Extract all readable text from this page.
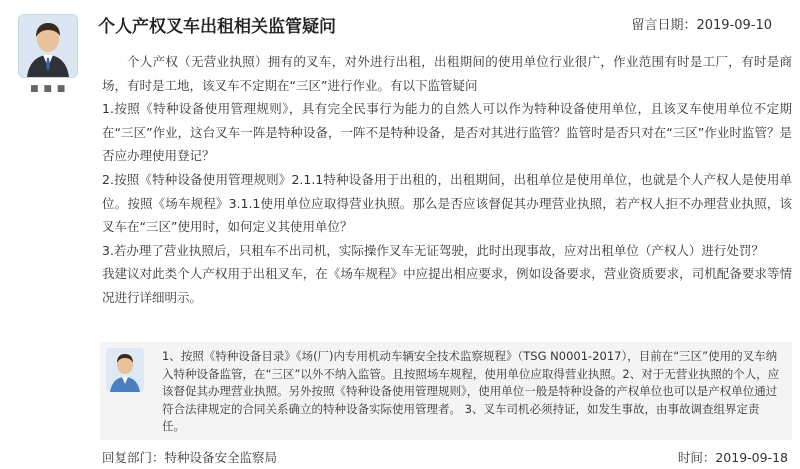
■ ■ ■
个人产权叉车出租相关监管疑问	留言日期：2019-09-10

个人产权（无营业执照）拥有的叉车，对外进行出租，出租期间的使用单位行业很广，作业范围有时是工厂，有时是商场，有时是工地，该叉车不定期在“三区”进行作业。有以下监管疑问

1.按照《特种设备使用管理规则》，具有完全民事行为能力的自然人可以作为特种设备使用单位，且该叉车使用单位不定期在“三区”作业，这台叉车一阵是特种设备，一阵不是特种设备，是否对其进行监管？监管时是否只对在“三区”作业时监管？是否应办理使用登记？

2.按照《特种设备使用管理规则》2.1.1特种设备用于出租的，出租期间，出租单位是使用单位，也就是个人产权人是使用单位。按照《场车规程》3.1.1使用单位应取得营业执照。那么是否应该督促其办理营业执照，若产权人拒不办理营业执照，该叉车在“三区”使用时，如何定义其使用单位？

3.若办理了营业执照后，只租车不出司机，实际操作叉车无证驾驶，此时出现事故，应对出租单位（产权人）进行处罚？

我建议对此类个人产权用于出租叉车，在《场车规程》中应提出相应要求，例如设备要求，营业资质要求，司机配备要求等情况进行详细明示。

1、按照《特种设备目录》《场(厂)内专用机动车辆安全技术监察规程》（TSG N0001-2017），目前在“三区”使用的叉车纳入特种设备监管，在“三区”以外不纳入监管。且按照场车规程，使用单位应取得营业执照。2、对于无营业执照的个人，应该督促其办理营业执照。另外按照《特种设备使用管理规则》，使用单位一般是特种设备的产权单位也可以是产权单位通过符合法律规定的合同关系确立的特种设备实际使用管理者。 3、叉车司机必须持证，如发生事故，由事故调查组界定责任。
回复部门：特种设备安全监察局	时间：2019-09-18
